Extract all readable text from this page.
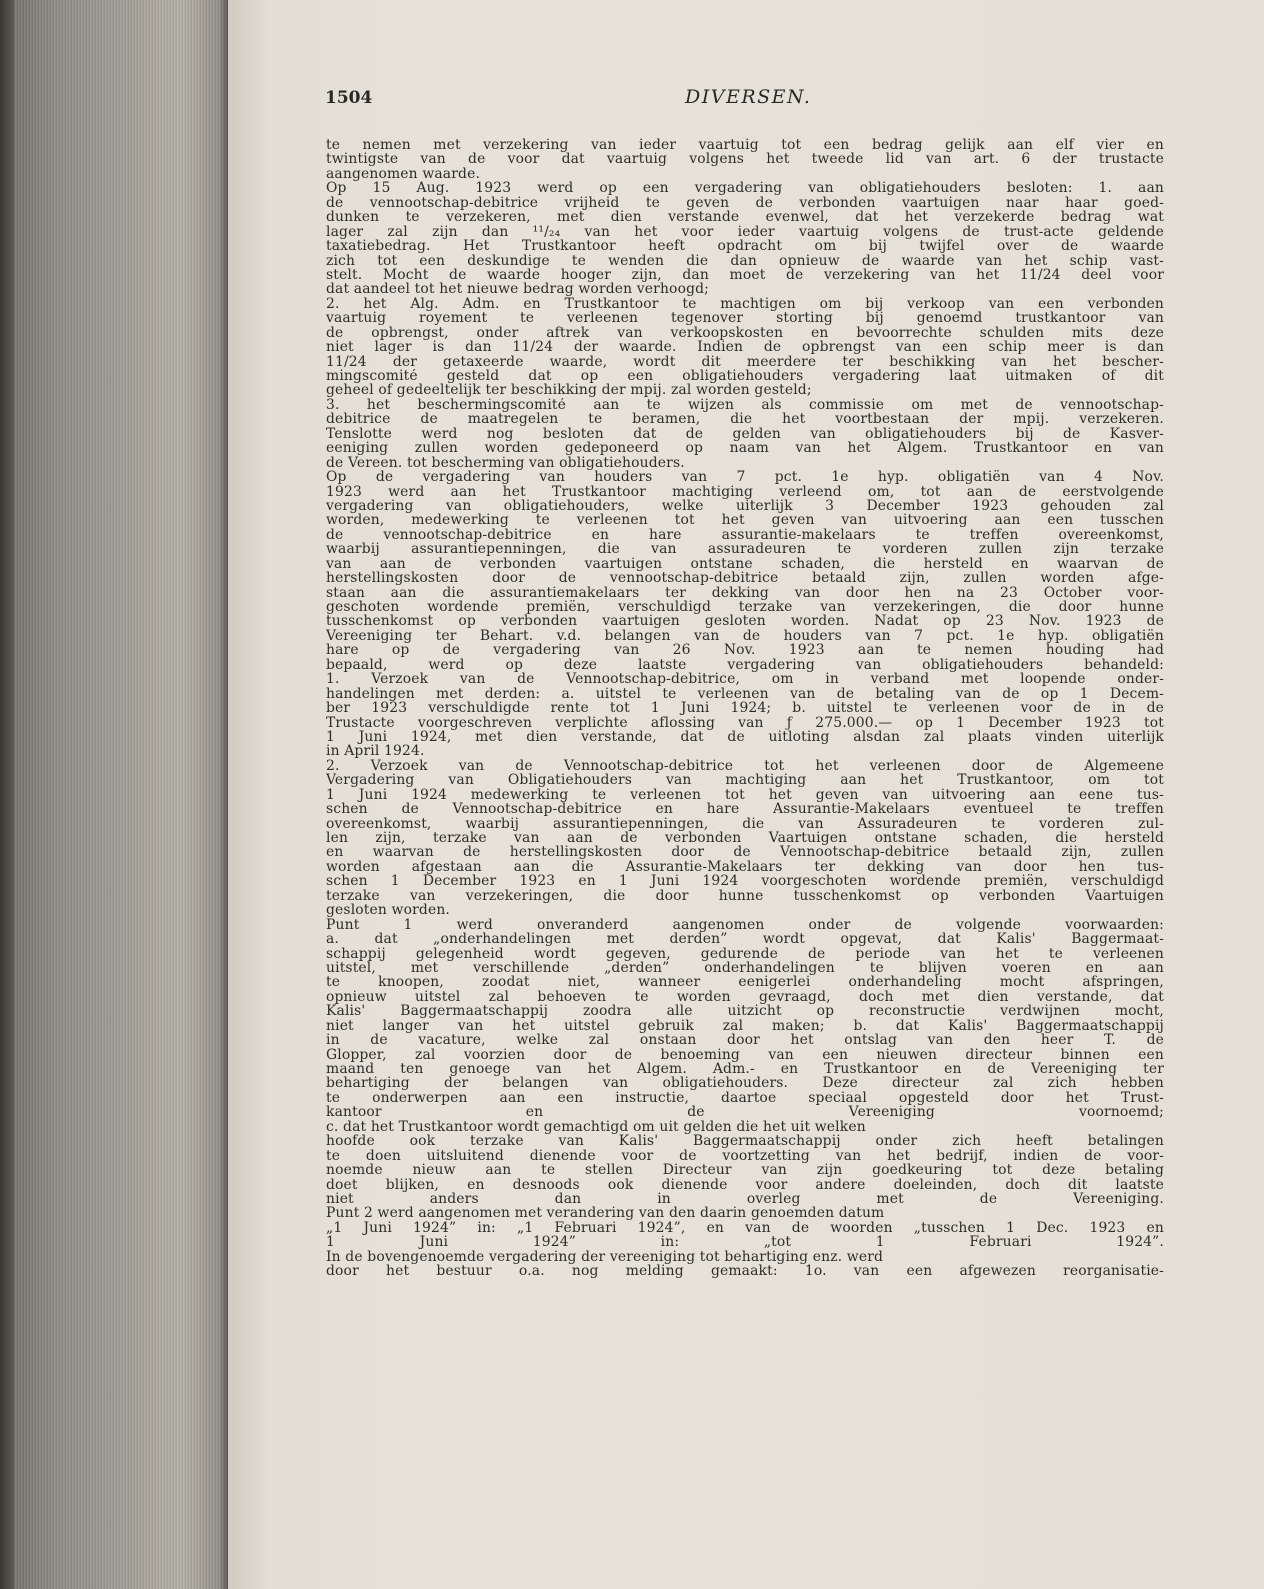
1504	DIVERSEN.
te nemen met verzekering van ieder vaartuig tot een bedrag gelijk aan elf vier en
twintigste van de voor dat vaartuig volgens het tweede lid van art. 6 der trustacte
aangenomen waarde.
Op 15 Aug. 1923 werd op een vergadering van obligatiehouders besloten: 1. aan
de vennootschap-debitrice vrijheid te geven de verbonden vaartuigen naar haar goed-
dunken te verzekeren, met dien verstande evenwel, dat het verzekerde bedrag wat
lager zal zijn dan ¹¹/₂₄ van het voor ieder vaartuig volgens de trust-acte geldende
taxatiebedrag. Het Trustkantoor heeft opdracht om bij twijfel over de waarde
zich tot een deskundige te wenden die dan opnieuw de waarde van het schip vast-
stelt. Mocht de waarde hooger zijn, dan moet de verzekering van het 11/24 deel voor
dat aandeel tot het nieuwe bedrag worden verhoogd;
2. het Alg. Adm. en Trustkantoor te machtigen om bij verkoop van een verbonden
vaartuig royement te verleenen tegenover storting bij genoemd trustkantoor van
de opbrengst, onder aftrek van verkoopskosten en bevoorrechte schulden mits deze
niet lager is dan 11/24 der waarde. Indien de opbrengst van een schip meer is dan
11/24 der getaxeerde waarde, wordt dit meerdere ter beschikking van het bescher-
mingscomité gesteld dat op een obligatiehouders vergadering laat uitmaken of dit
geheel of gedeeltelijk ter beschikking der mpij. zal worden gesteld;
3. het beschermingscomité aan te wijzen als commissie om met de vennootschap-
debitrice de maatregelen te beramen, die het voortbestaan der mpij. verzekeren.
Tenslotte werd nog besloten dat de gelden van obligatiehouders bij de Kasver-
eeniging zullen worden gedeponeerd op naam van het Algem. Trustkantoor en van
de Vereen. tot bescherming van obligatiehouders.
Op de vergadering van houders van 7 pct. 1e hyp. obligatiën van 4 Nov.
1923 werd aan het Trustkantoor machtiging verleend om, tot aan de eerstvolgende
vergadering van obligatiehouders, welke uiterlijk 3 December 1923 gehouden zal
worden, medewerking te verleenen tot het geven van uitvoering aan een tusschen
de vennootschap-debitrice en hare assurantie-makelaars te treffen overeenkomst,
waarbij assurantiepenningen, die van assuradeuren te vorderen zullen zijn terzake
van aan de verbonden vaartuigen ontstane schaden, die hersteld en waarvan de
herstellingskosten door de vennootschap-debitrice betaald zijn, zullen worden afge-
staan aan die assurantiemakelaars ter dekking van door hen na 23 October voor-
geschoten wordende premiën, verschuldigd terzake van verzekeringen, die door hunne
tusschenkomst op verbonden vaartuigen gesloten worden. Nadat op 23 Nov. 1923 de
Vereeniging ter Behart. v.d. belangen van de houders van 7 pct. 1e hyp. obligatiën
hare op de vergadering van 26 Nov. 1923 aan te nemen houding had
bepaald, werd op deze laatste vergadering van obligatiehouders behandeld:
1. Verzoek van de Vennootschap-debitrice, om in verband met loopende onder-
handelingen met derden: a. uitstel te verleenen van de betaling van de op 1 Decem-
ber 1923 verschuldigde rente tot 1 Juni 1924; b. uitstel te verleenen voor de in de
Trustacte voorgeschreven verplichte aflossing van ƒ 275.000.— op 1 December 1923 tot
1 Juni 1924, met dien verstande, dat de uitloting alsdan zal plaats vinden uiterlijk
in April 1924.
2. Verzoek van de Vennootschap-debitrice tot het verleenen door de Algemeene
Vergadering van Obligatiehouders van machtiging aan het Trustkantoor, om tot
1 Juni 1924 medewerking te verleenen tot het geven van uitvoering aan eene tus-
schen de Vennootschap-debitrice en hare Assurantie-Makelaars eventueel te treffen
overeenkomst, waarbij assurantiepenningen, die van Assuradeuren te vorderen zul-
len zijn, terzake van aan de verbonden Vaartuigen ontstane schaden, die hersteld
en waarvan de herstellingskosten door de Vennootschap-debitrice betaald zijn, zullen
worden afgestaan aan die Assurantie-Makelaars ter dekking van door hen tus-
schen 1 December 1923 en 1 Juni 1924 voorgeschoten wordende premiën, verschuldigd
terzake van verzekeringen, die door hunne tusschenkomst op verbonden Vaartuigen
gesloten worden.
Punt 1 werd onveranderd aangenomen onder de volgende voorwaarden:
a. dat „onderhandelingen met derden” wordt opgevat, dat Kalis' Baggermaat-
schappij gelegenheid wordt gegeven, gedurende de periode van het te verleenen
uitstel, met verschillende „derden” onderhandelingen te blijven voeren en aan
te knoopen, zoodat niet, wanneer eenigerlei onderhandeling mocht afspringen,
opnieuw uitstel zal behoeven te worden gevraagd, doch met dien verstande, dat
Kalis' Baggermaatschappij zoodra alle uitzicht op reconstructie verdwijnen mocht,
niet langer van het uitstel gebruik zal maken; b. dat Kalis' Baggermaatschappij
in de vacature, welke zal onstaan door het ontslag van den heer T. de
Glopper, zal voorzien door de benoeming van een nieuwen directeur binnen een
maand ten genoege van het Algem. Adm.- en Trustkantoor en de Vereeniging ter
behartiging der belangen van obligatiehouders. Deze directeur zal zich hebben
te onderwerpen aan een instructie, daartoe speciaal opgesteld door het Trust-
kantoor en de Vereeniging voornoemd;
c. dat het Trustkantoor wordt gemachtigd om uit gelden die het uit welken
hoofde ook terzake van Kalis' Baggermaatschappij onder zich heeft betalingen
te doen uitsluitend dienende voor de voortzetting van het bedrijf, indien de voor-
noemde nieuw aan te stellen Directeur van zijn goedkeuring tot deze betaling
doet blijken, en desnoods ook dienende voor andere doeleinden, doch dit laatste
niet anders dan in overleg met de Vereeniging.
Punt 2 werd aangenomen met verandering van den daarin genoemden datum
„1 Juni 1924” in: „1 Februari 1924”, en van de woorden „tusschen 1 Dec. 1923 en
1 Juni 1924” in: „tot 1 Februari 1924”.
In de bovengenoemde vergadering der vereeniging tot behartiging enz. werd
door het bestuur o.a. nog melding gemaakt: 1o. van een afgewezen reorganisatie-
